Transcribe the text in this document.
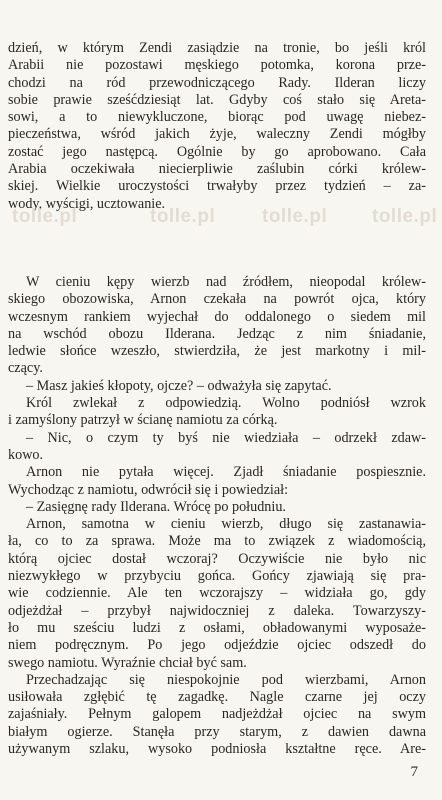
dzień, w którym Zendi zasiądzie na tronie, bo jeśli król
Arabii nie pozostawi męskiego potomka, korona prze-
chodzi na ród przewodniczącego Rady. Ilderan liczy
sobie prawie sześćdziesiąt lat. Gdyby coś stało się Areta-
sowi, a to niewykluczone, biorąc pod uwagę niebez-
pieczeństwa, wśród jakich żyje, waleczny Zendi mógłby
zostać jego następcą. Ogólnie by go aprobowano. Cała
Arabia oczekiwała niecierpliwie zaślubin córki królew-
skiej. Wielkie uroczystości trwałyby przez tydzień – za-
wody, wyścigi, ucztowanie.
tolle.pl	tolle.pl tolle.pl tolle.pl
W cieniu kępy wierzb nad źródłem, nieopodal królew-
skiego obozowiska, Arnon czekała na powrót ojca, który
wczesnym rankiem wyjechał do oddalonego o siedem mil
na wschód obozu Ilderana. Jedząc z nim śniadanie,
ledwie słońce wzeszło, stwierdziła, że jest markotny i mil-
czący.
– Masz jakieś kłopoty, ojcze? – odważyła się zapytać.
Król zwlekał z odpowiedzią. Wolno podniósł wzrok
i zamyślony patrzył w ścianę namiotu za córką.
– Nic, o czym ty byś nie wiedziała – odrzekł zdaw-
kowo.
Arnon nie pytała więcej. Zjadł śniadanie pospiesznie.
Wychodząc z namiotu, odwrócił się i powiedział:
– Zasięgnę rady Ilderana. Wrócę po południu.
Arnon, samotna w cieniu wierzb, długo się zastanawia-
ła, co to za sprawa. Może ma to związek z wiadomością,
którą ojciec dostał wczoraj? Oczywiście nie było nic
niezwykłego w przybyciu gońca. Gońcy zjawiają się pra-
wie codziennie. Ale ten wczorajszy – widziała go, gdy
odjeżdżał – przybył najwidoczniej z daleka. Towarzyszy-
ło mu sześciu ludzi z osłami, obładowanymi wyposaże-
niem podręcznym. Po jego odjeździe ojciec odszedł do
swego namiotu. Wyraźnie chciał być sam.
Przechadzając się niespokojnie pod wierzbami, Arnon
usiłowała zgłębić tę zagadkę. Nagle czarne jej oczy
zajaśniały. Pełnym galopem nadjeżdżał ojciec na swym
białym ogierze. Stanęła przy starym, z dawien dawna
używanym szlaku, wysoko podniosła kształtne ręce. Are-
7
